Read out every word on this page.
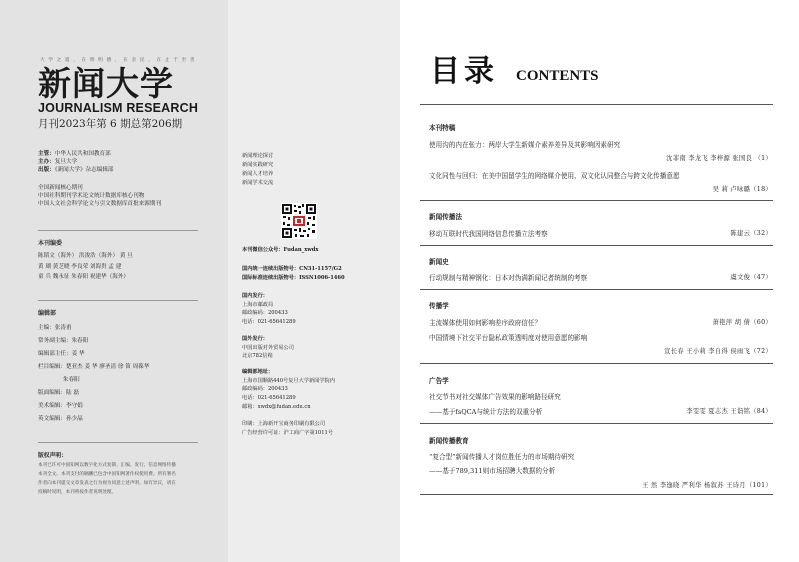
大 学 之 道 ， 在 明 明 德 ， 在 亲 民 ， 在 止 于 至 善
新闻大学
JOURNALISM RESEARCH
月刊2023年第 6 期总第206期
主管：中华人民共和国教育部
主办：复旦大学
出版：《新闻大学》杂志编辑部
全国新闻核心期刊
中国社科期刊学术论文统计数据库核心刊物
中国人文社会科学论文与引文数据库首批来源期刊
本刊编委
陈韬文（海外） 洪浚浩（海外） 黄 旦
黄 瑚 黄芝晓 李良荣 刘海贵 孟 建
童 兵 魏永征 朱春阳 祝建华（海外）
编辑部
主编：张涛甫
常务副主编：朱春阳
编辑部主任：姜 华
栏目编辑：楚亚杰 姜 华 廖圣清 徐 笛 周葆华
朱春阳
版面编辑：陆 磊
美术编辑：李守娟
英文编辑：孙少晶
版权声明：
本刊已许可中国知网以数字化方式复制、汇编、发行、信息网络传播
本刊全文。本刊支付的稿酬已包含中国知网著作权使用费。所有署名
作者向本刊提交文章发表之行为视为同意上述声明。如有异议，请在
投稿时说明，本刊将按作者说明处理。
新闻理论探讨
新闻实践研究
新闻人才培养
新闻学术交流
本刊微信公众号：Fudan_xwdx
国内统一连续出版物号：CN31-1157/G2
国际标准连续出版物号：ISSN1006-1460
国内发行：
上海市邮政局
邮政编码：200433
电话：021-65641289
国外发行：
中国出版对外贸易公司
北京782信箱
编辑部地址：
上海市国顺路440号复旦大学新闻学院内
邮政编码：200433
电话：021-65641289
邮箱：xwdx@fudan.edu.cn
印刷：上海新开宝商务印刷有限公司
广告经营许可证：沪工商广字第1011号
目录 CONTENTS
本刊特稿
使用沟的内在张力：两岸大学生新媒介素养差异及其影响因素研究
沈菲南 李龙飞 李梓源 张国良 （1）
文化同性与回归：在美中国留学生的网络媒介使用、双文化认同整合与跨文化传播意愿
吴 莉 卢咏璐（18）
新闻传播法
移动互联时代我国网络信息传播立法考察	陈建云（32）
新闻史
行动规制与精神钢化：日本对伪满新闻记者统制的考察	虞文俊（47）
传播学
主流媒体使用如何影响差序政府信任？	萧艳萍 胡 倩（60）
中国情境下社交平台隐私政策透明度对使用意愿的影响
宣长春 王小莉 李自得 侯雨飞（72）
广告学
社交节书对社交媒体广告效果的影响路径研究
——基于fsQCA与统计方法的双重分析	李雯雯 夏志杰 王诣铭（84）
新闻传播教育
“复合型”新闻传播人才岗位胜任力的市场期待研究
——基于789,311则市场招聘大数据的分析
王 然 李逸晓 严利华 杨叙苏 王诗月（101）
